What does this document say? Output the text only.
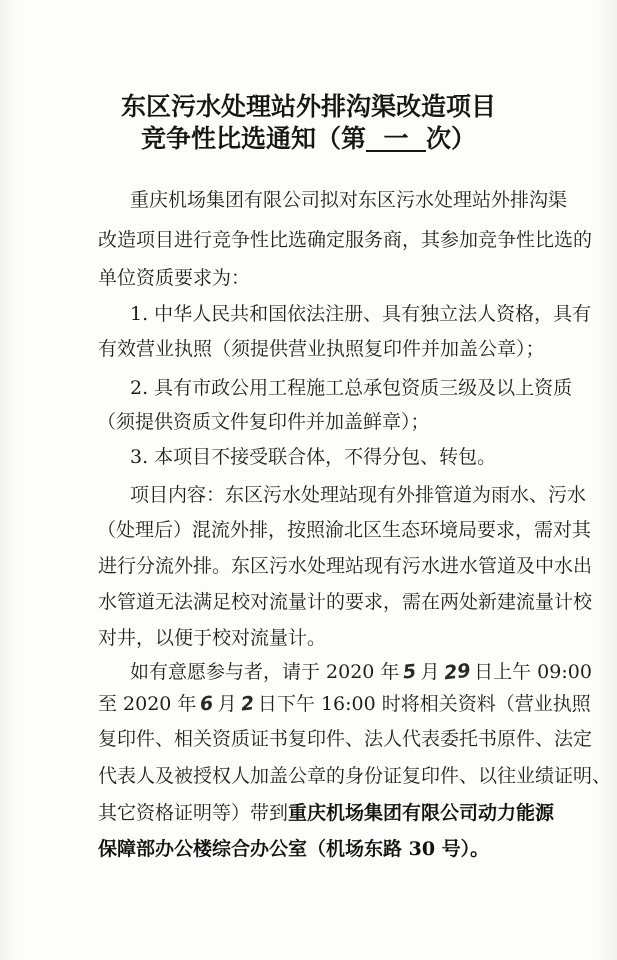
东区污水处理站外排沟渠改造项目
竞争性比选通知（第 一 次）
重庆机场集团有限公司拟对东区污水处理站外排沟渠
改造项目进行竞争性比选确定服务商，其参加竞争性比选的
单位资质要求为：
1. 中华人民共和国依法注册、具有独立法人资格，具有
有效营业执照（须提供营业执照复印件并加盖公章）；
2. 具有市政公用工程施工总承包资质三级及以上资质
（须提供资质文件复印件并加盖鲜章）；
3. 本项目不接受联合体，不得分包、转包。
项目内容：东区污水处理站现有外排管道为雨水、污水
（处理后）混流外排，按照渝北区生态环境局要求，需对其
进行分流外排。东区污水处理站现有污水进水管道及中水出
水管道无法满足校对流量计的要求，需在两处新建流量计校
对井，以便于校对流量计。
如有意愿参与者，请于 2020 年 5 月 29 日上午 09:00
至 2020 年 6 月 2 日下午 16:00 时将相关资料（营业执照
复印件、相关资质证书复印件、法人代表委托书原件、法定
代表人及被授权人加盖公章的身份证复印件、以往业绩证明、
其它资格证明等）带到重庆机场集团有限公司动力能源
保障部办公楼综合办公室（机场东路 30 号）。
